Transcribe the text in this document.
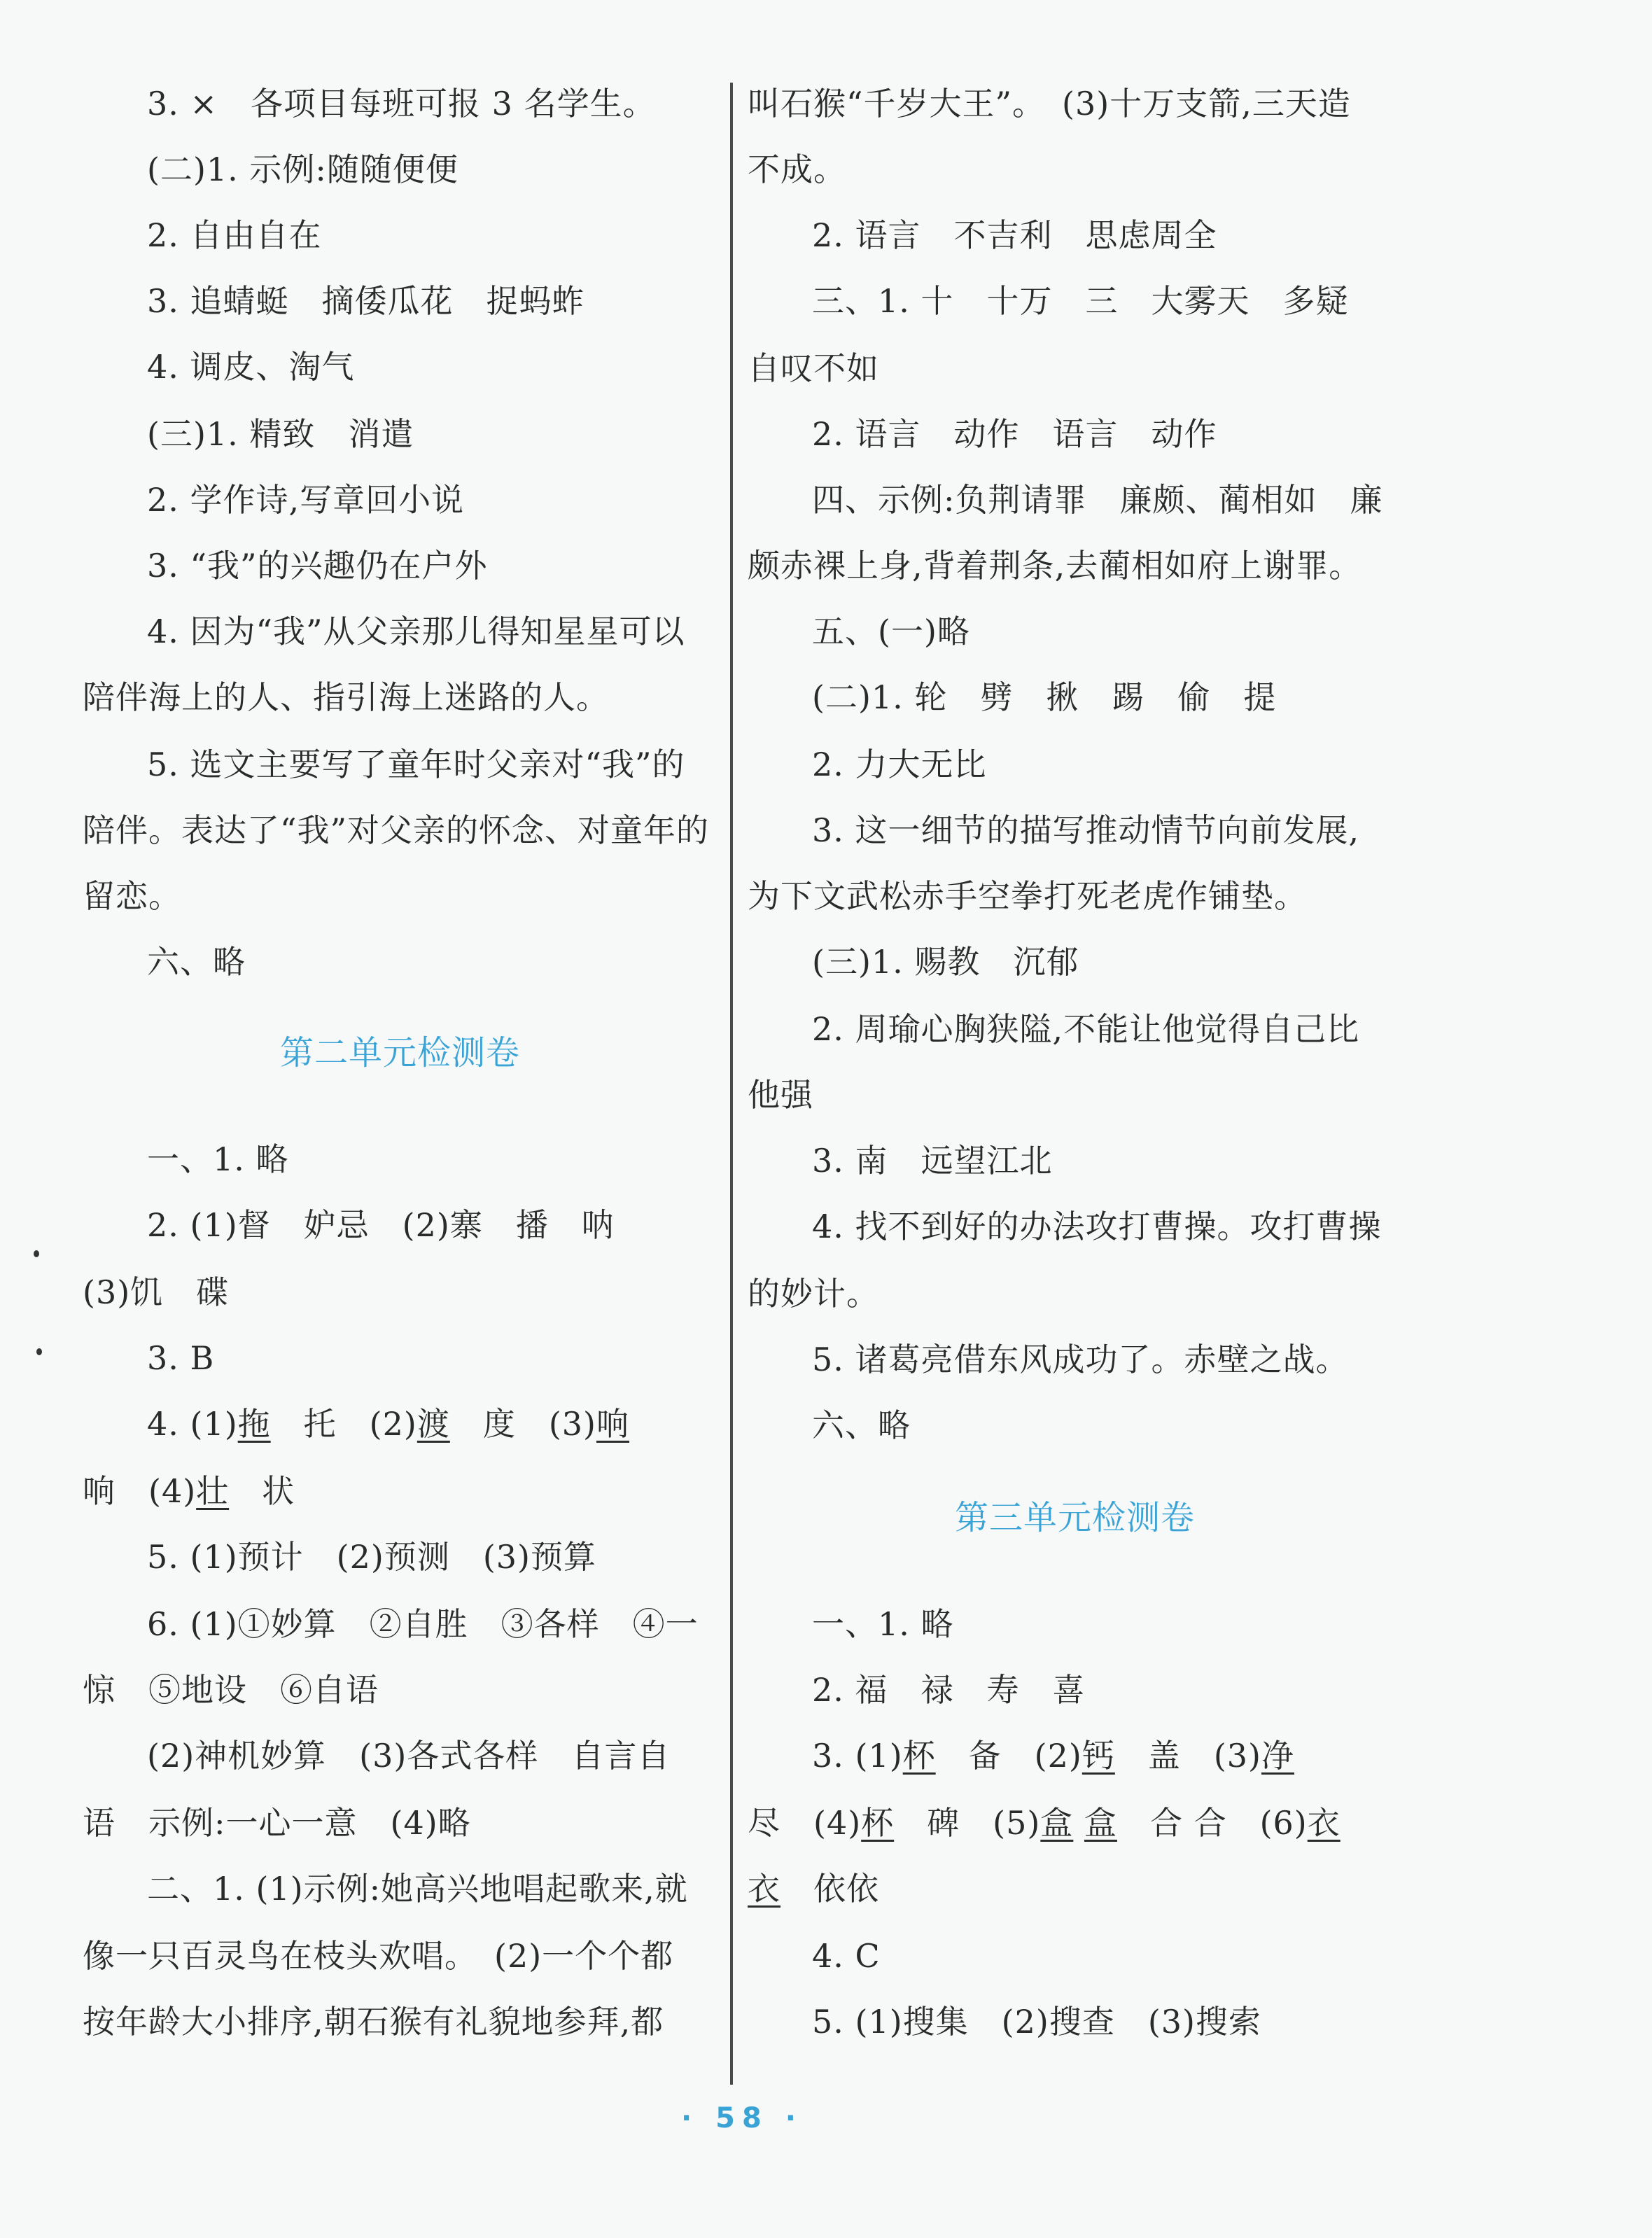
3. ×　各项目每班可报 3 名学生。
(二)1. 示例:随随便便
2. 自由自在
3. 追蜻蜓　摘倭瓜花　捉蚂蚱
4. 调皮、淘气
(三)1. 精致　消遣
2. 学作诗,写章回小说
3. “我”的兴趣仍在户外
4. 因为“我”从父亲那儿得知星星可以
陪伴海上的人、指引海上迷路的人。
5. 选文主要写了童年时父亲对“我”的
陪伴。表达了“我”对父亲的怀念、对童年的
留恋。
六、略
第二单元检测卷
一、1. 略
2. (1)督　妒忌　(2)寨　播　呐
(3)饥　碟
3. B
4. (1)拖　托　(2)渡　度　(3)响
响　(4)壮　状
5. (1)预计　(2)预测　(3)预算
6. (1)①妙算　②自胜　③各样　④一
惊　⑤地设　⑥自语
(2)神机妙算　(3)各式各样　自言自
语　示例:一心一意　(4)略
二、1. (1)示例:她高兴地唱起歌来,就
像一只百灵鸟在枝头欢唱。　(2)一个个都
按年龄大小排序,朝石猴有礼貌地参拜,都
叫石猴“千岁大王”。　(3)十万支箭,三天造
不成。
2. 语言　不吉利　思虑周全
三、1. 十　十万　三　大雾天　多疑
自叹不如
2. 语言　动作　语言　动作
四、示例:负荆请罪　廉颇、蔺相如　廉
颇赤裸上身,背着荆条,去蔺相如府上谢罪。
五、(一)略
(二)1. 轮　劈　揪　踢　偷　提
2. 力大无比
3. 这一细节的描写推动情节向前发展,
为下文武松赤手空拳打死老虎作铺垫。
(三)1. 赐教　沉郁
2. 周瑜心胸狭隘,不能让他觉得自己比
他强
3. 南　远望江北
4. 找不到好的办法攻打曹操。攻打曹操
的妙计。
5. 诸葛亮借东风成功了。赤壁之战。
六、略
第三单元检测卷
一、1. 略
2. 福　禄　寿　喜
3. (1)杯　备　(2)钙　盖　(3)净
尽　(4)杯　碑　(5)盒 盒　合 合　(6)衣
衣　依依
4. C
5. (1)搜集　(2)搜查　(3)搜索
· 58 ·
